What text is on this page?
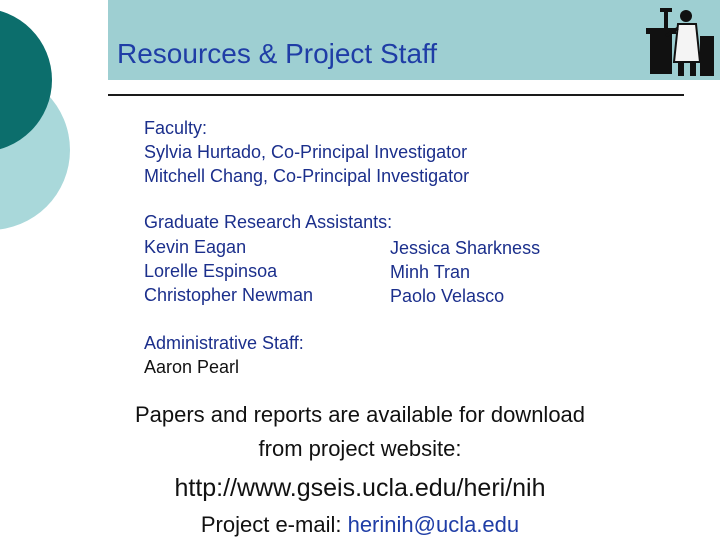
Resources & Project Staff
Faculty:
Sylvia Hurtado, Co-Principal Investigator
Mitchell Chang, Co-Principal Investigator
Graduate Research Assistants:
Kevin Eagan
Lorelle Espinsoa
Christopher Newman
Jessica Sharkness
Minh Tran
Paolo Velasco
Administrative Staff:
Aaron Pearl
Papers and reports are available for download
from project website:
http://www.gseis.ucla.edu/heri/nih
Project e-mail: herinih@ucla.edu
